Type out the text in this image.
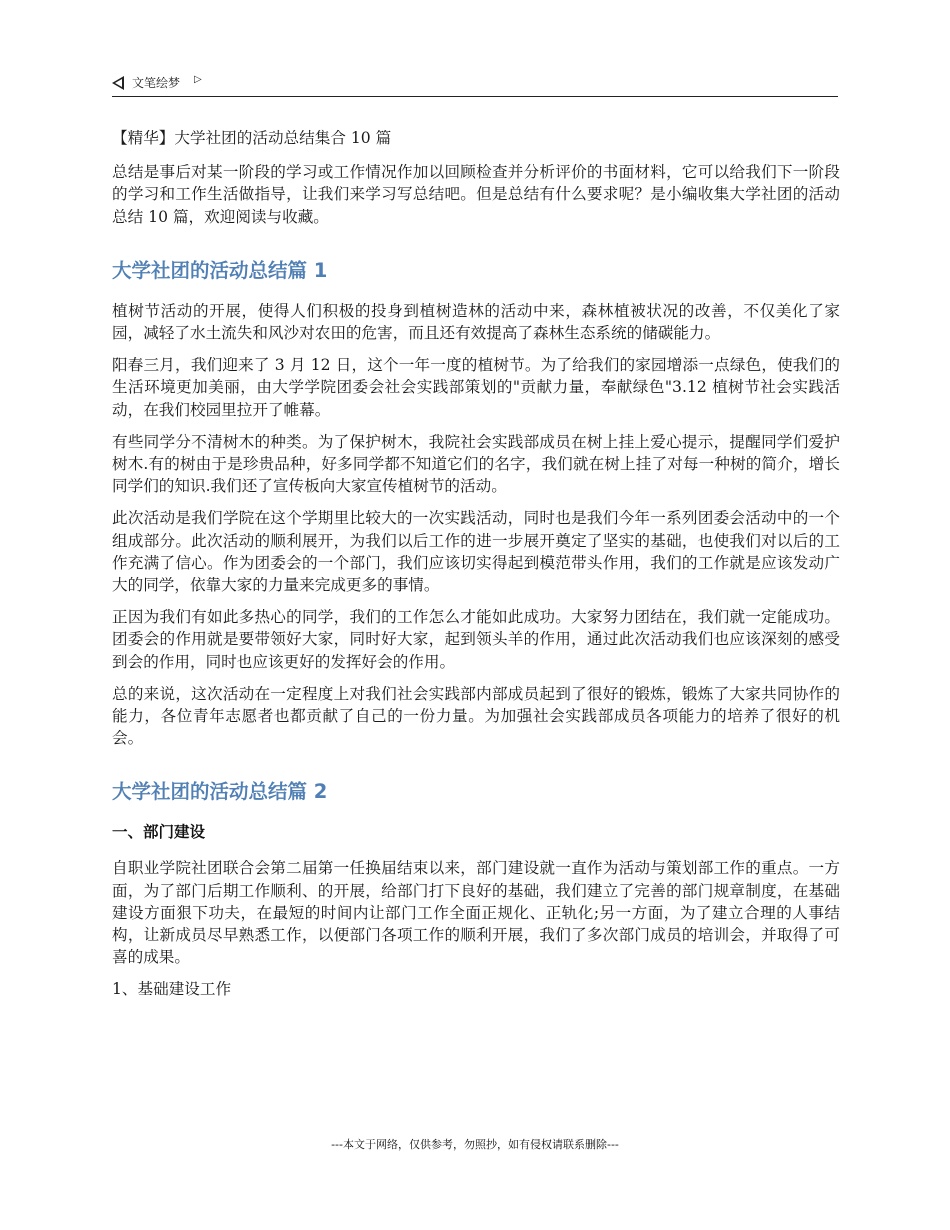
文笔绘梦 ▷

【精华】大学社团的活动总结集合 10 篇

总结是事后对某一阶段的学习或工作情况作加以回顾检查并分析评价的书面材料，它可以给我们下一阶段的学习和工作生活做指导，让我们来学习写总结吧。但是总结有什么要求呢？是小编收集大学社团的活动总结 10 篇，欢迎阅读与收藏。

大学社团的活动总结篇 1

植树节活动的开展，使得人们积极的投身到植树造林的活动中来，森林植被状况的改善，不仅美化了家园，减轻了水土流失和风沙对农田的危害，而且还有效提高了森林生态系统的储碳能力。

阳春三月，我们迎来了 3 月 12 日，这个一年一度的植树节。为了给我们的家园增添一点绿色，使我们的生活环境更加美丽，由大学学院团委会社会实践部策划的"贡献力量，奉献绿色"3.12 植树节社会实践活动，在我们校园里拉开了帷幕。

有些同学分不清树木的种类。为了保护树木，我院社会实践部成员在树上挂上爱心提示，提醒同学们爱护树木.有的树由于是珍贵品种，好多同学都不知道它们的名字，我们就在树上挂了对每一种树的简介，增长同学们的知识.我们还了宣传板向大家宣传植树节的活动。

此次活动是我们学院在这个学期里比较大的一次实践活动，同时也是我们今年一系列团委会活动中的一个组成部分。此次活动的顺利展开，为我们以后工作的进一步展开奠定了坚实的基础，也使我们对以后的工作充满了信心。作为团委会的一个部门，我们应该切实得起到模范带头作用，我们的工作就是应该发动广大的同学，依靠大家的力量来完成更多的事情。

正因为我们有如此多热心的同学，我们的工作怎么才能如此成功。大家努力团结在，我们就一定能成功。团委会的作用就是要带领好大家，同时好大家，起到领头羊的作用，通过此次活动我们也应该深刻的感受到会的作用，同时也应该更好的发挥好会的作用。

总的来说，这次活动在一定程度上对我们社会实践部内部成员起到了很好的锻炼，锻炼了大家共同协作的能力，各位青年志愿者也都贡献了自己的一份力量。为加强社会实践部成员各项能力的培养了很好的机会。

大学社团的活动总结篇 2
一、部门建设

自职业学院社团联合会第二届第一任换届结束以来，部门建设就一直作为活动与策划部工作的重点。一方面，为了部门后期工作顺利、的开展，给部门打下良好的基础，我们建立了完善的部门规章制度，在基础建设方面狠下功夫，在最短的时间内让部门工作全面正规化、正轨化;另一方面，为了建立合理的人事结构，让新成员尽早熟悉工作，以便部门各项工作的顺利开展，我们了多次部门成员的培训会，并取得了可喜的成果。

1、基础建设工作

---本文于网络，仅供参考，勿照抄，如有侵权请联系删除---
